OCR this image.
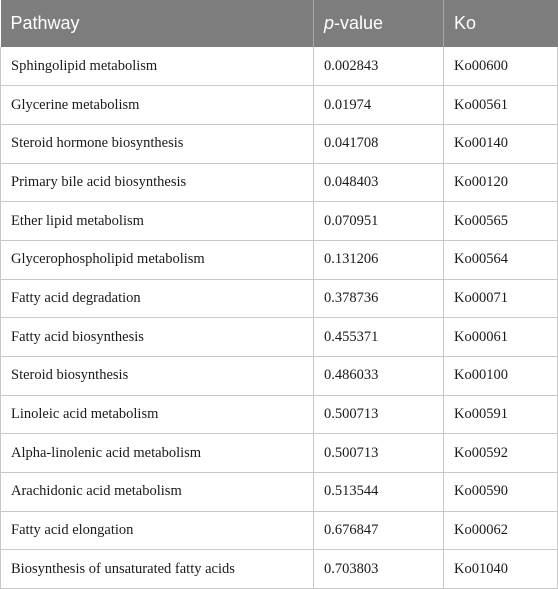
Pathway	p-value	Ko
Sphingolipid metabolism	0.002843	Ko00600
Glycerine metabolism	0.01974	Ko00561
Steroid hormone biosynthesis	0.041708	Ko00140
Primary bile acid biosynthesis	0.048403	Ko00120
Ether lipid metabolism	0.070951	Ko00565
Glycerophospholipid metabolism	0.131206	Ko00564
Fatty acid degradation	0.378736	Ko00071
Fatty acid biosynthesis	0.455371	Ko00061
Steroid biosynthesis	0.486033	Ko00100
Linoleic acid metabolism	0.500713	Ko00591
Alpha-linolenic acid metabolism	0.500713	Ko00592
Arachidonic acid metabolism	0.513544	Ko00590
Fatty acid elongation	0.676847	Ko00062
Biosynthesis of unsaturated fatty acids	0.703803	Ko01040
